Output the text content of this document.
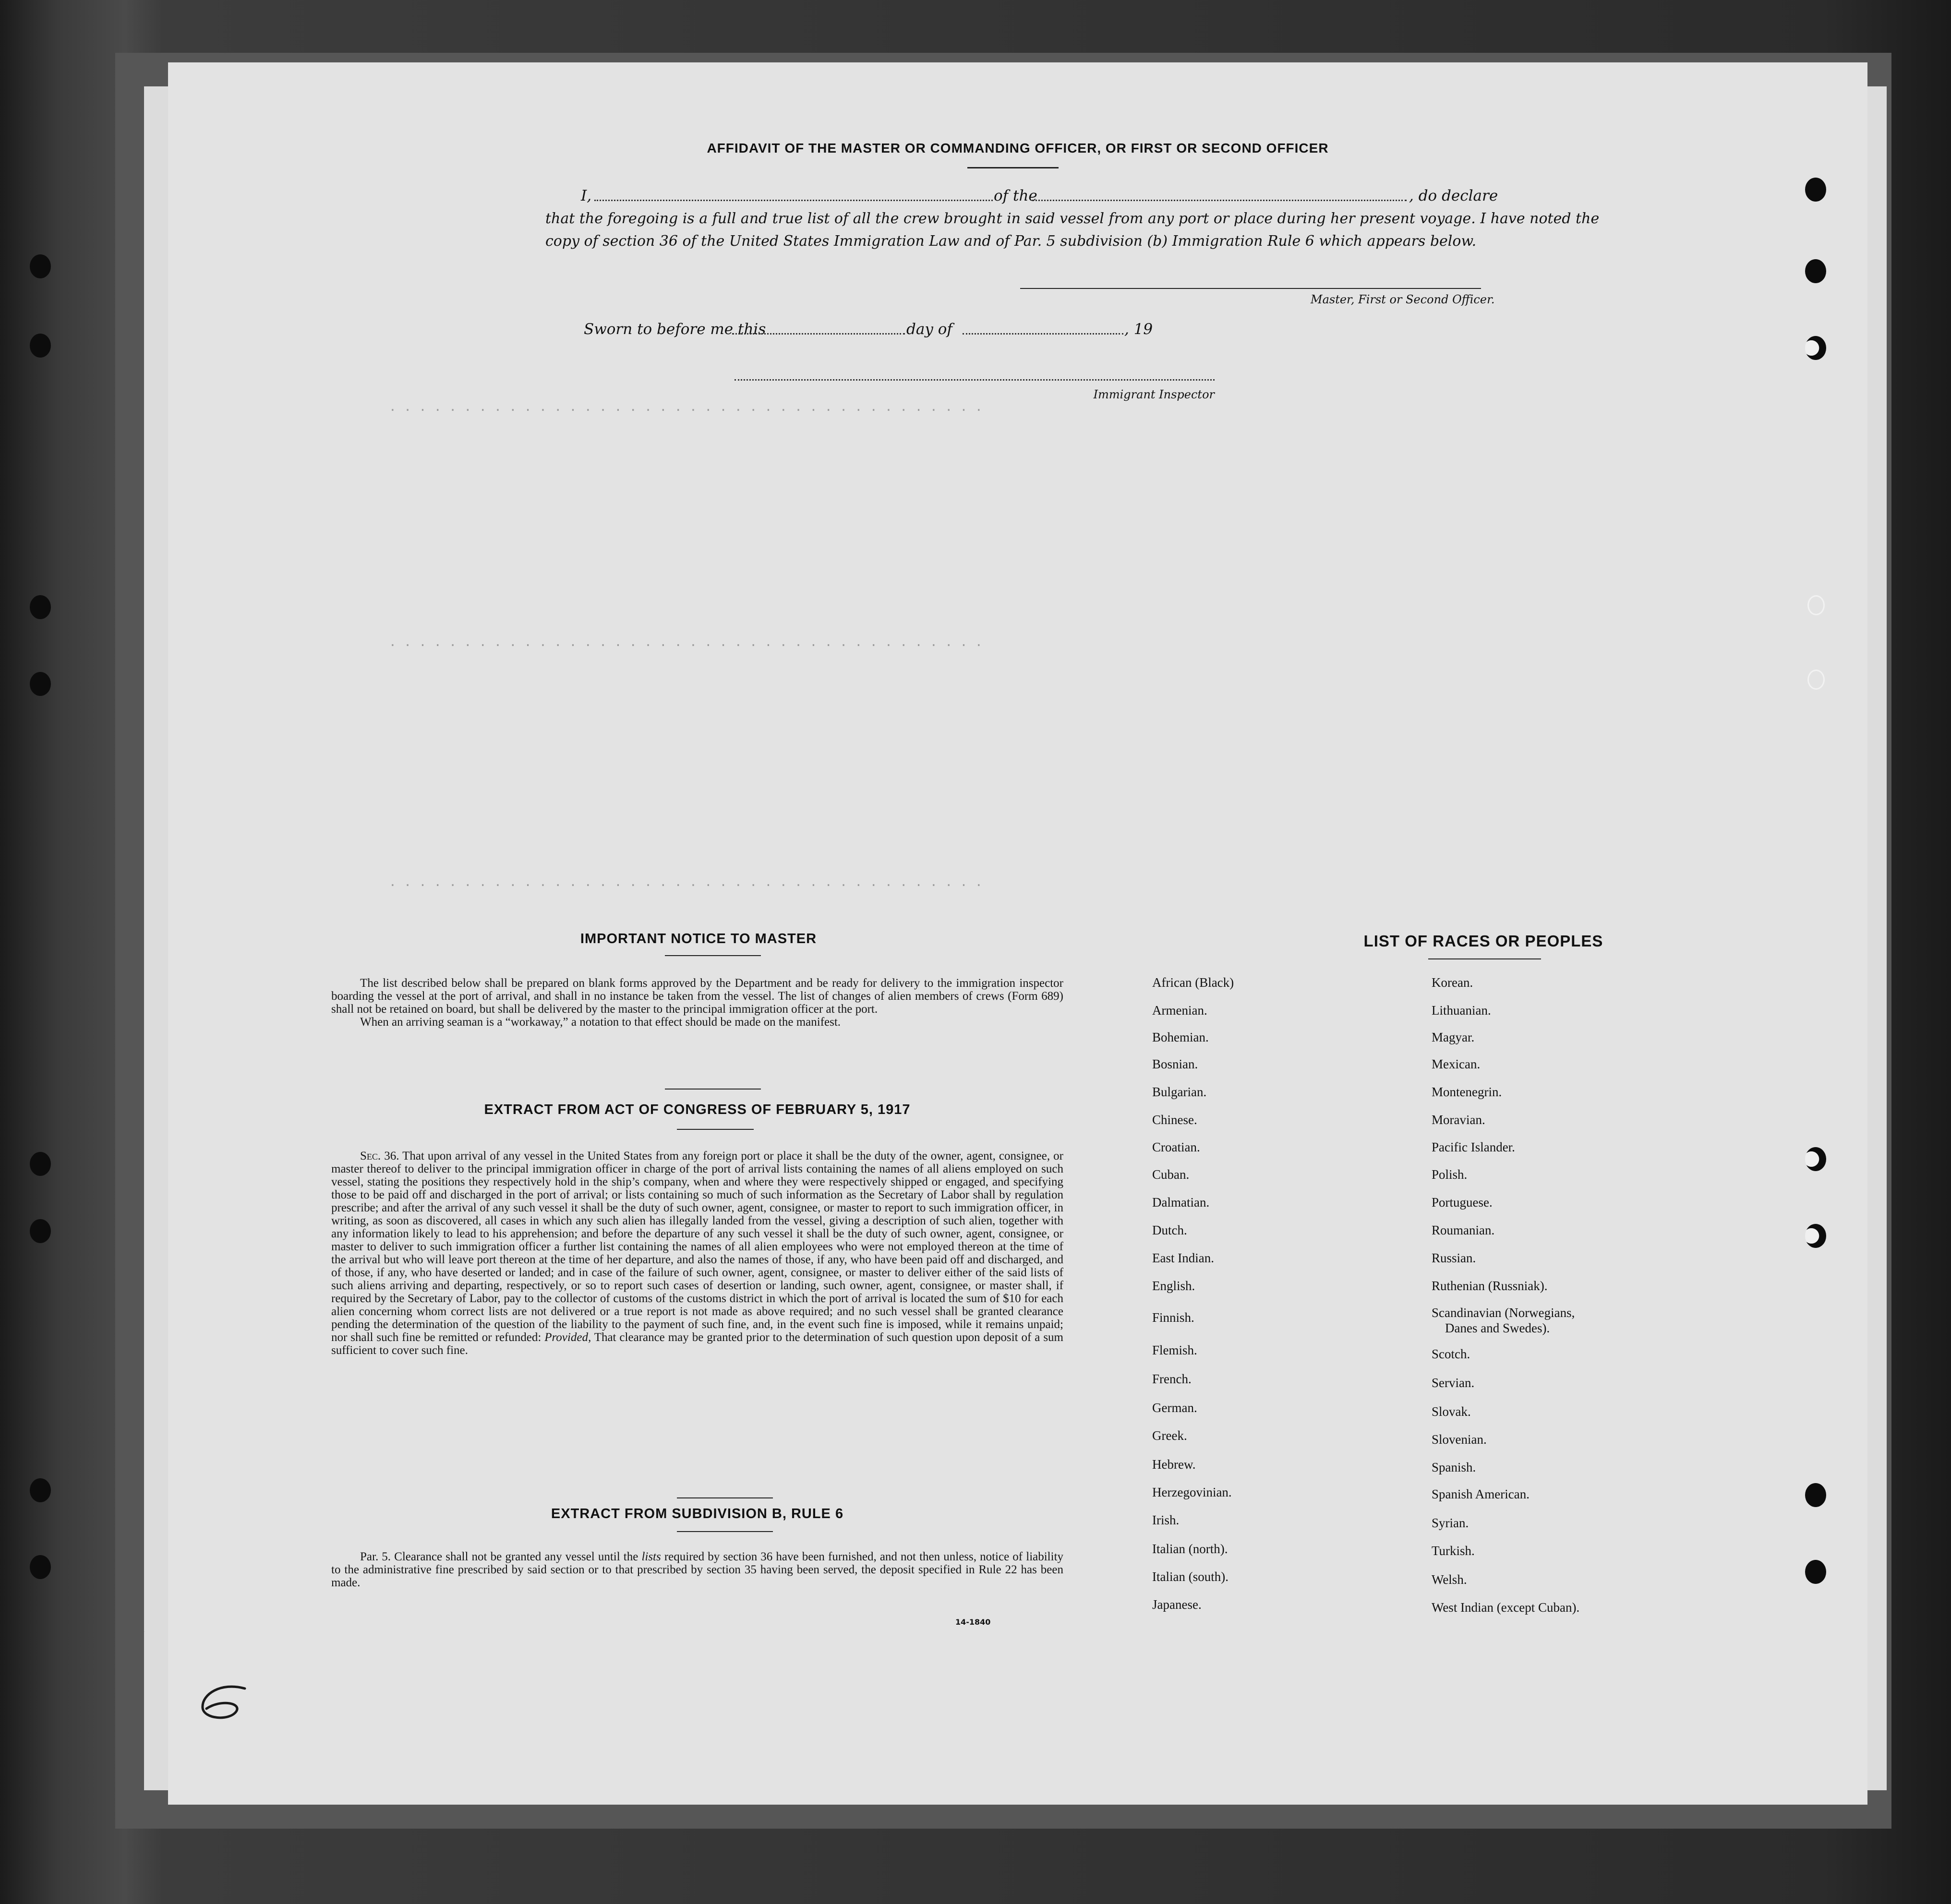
· · · · · · · · · · · · · · · · · · · · · · · · · · · · · · · · · · · · · · · ·
· · · · · · · · · · · · · · · · · · · · · · · · · · · · · · · · · · · · · · · ·
· · · · · · · · · · · · · · · · · · · · · · · · · · · · · · · · · · · · · · · ·
AFFIDAVIT OF THE MASTER OR COMMANDING OFFICER, OR FIRST OR SECOND OFFICER
I,	of the	, do declare
that the foregoing is a full and true list of all the crew brought in said vessel from any port or place during her present voyage. I have noted the
copy of section 36 of the United States Immigration Law and of Par. 5 subdivision (b) Immigration Rule 6 which appears below.
Master, First or Second Officer.
Sworn to before me this	day of	, 19
Immigrant Inspector
IMPORTANT NOTICE TO MASTER
The list described below shall be prepared on blank forms approved by the Department and be ready for delivery to the immigration inspector boarding the vessel at the port of arrival, and shall in no instance be taken from the vessel. The list of changes of alien members of crews (Form 689) shall not be retained on board, but shall be delivered by the master to the principal immigration officer at the port.
When an arriving seaman is a “workaway,” a notation to that effect should be made on the manifest.
EXTRACT FROM ACT OF CONGRESS OF FEBRUARY 5, 1917
Sec. 36. That upon arrival of any vessel in the United States from any foreign port or place it shall be the duty of the owner, agent, consignee, or master thereof to deliver to the principal immigration officer in charge of the port of arrival lists containing the names of all aliens employed on such vessel, stating the positions they respectively hold in the ship’s company, when and where they were respectively shipped or engaged, and specifying those to be paid off and discharged in the port of arrival; or lists containing so much of such information as the Secretary of Labor shall by regulation prescribe; and after the arrival of any such vessel it shall be the duty of such owner, agent, consignee, or master to report to such immigration officer, in writing, as soon as discovered, all cases in which any such alien has illegally landed from the vessel, giving a description of such alien, together with any information likely to lead to his apprehension; and before the departure of any such vessel it shall be the duty of such owner, agent, consignee, or master to deliver to such immigration officer a further list containing the names of all alien employees who were not employed thereon at the time of the arrival but who will leave port thereon at the time of her departure, and also the names of those, if any, who have been paid off and discharged, and of those, if any, who have deserted or landed; and in case of the failure of such owner, agent, consignee, or master to deliver either of the said lists of such aliens arriving and departing, respectively, or so to report such cases of desertion or landing, such owner, agent, consignee, or master shall, if required by the Secretary of Labor, pay to the collector of customs of the customs district in which the port of arrival is located the sum of $10 for each alien concerning whom correct lists are not delivered or a true report is not made as above required; and no such vessel shall be granted clearance pending the determination of the question of the liability to the payment of such fine, and, in the event such fine is imposed, while it remains unpaid; nor shall such fine be remitted or refunded: Provided, That clearance may be granted prior to the determination of such question upon deposit of a sum sufficient to cover such fine.
EXTRACT FROM SUBDIVISION B, RULE 6
Par. 5. Clearance shall not be granted any vessel until the lists required by section 36 have been furnished, and not then unless, notice of liability to the administrative fine prescribed by said section or to that prescribed by section 35 having been served, the deposit specified in Rule 22 has been made.
14-1840
LIST OF RACES OR PEOPLES
African (Black)
Armenian.
Bohemian.
Bosnian.
Bulgarian.
Chinese.
Croatian.
Cuban.
Dalmatian.
Dutch.
East Indian.
English.
Finnish.
Flemish.
French.
German.
Greek.
Hebrew.
Herzegovinian.
Irish.
Italian (north).
Italian (south).
Japanese.
Korean.
Lithuanian.
Magyar.
Mexican.
Montenegrin.
Moravian.
Pacific Islander.
Polish.
Portuguese.
Roumanian.
Russian.
Ruthenian (Russniak).
Scandinavian (Norwegians,
Danes and Swedes).
Scotch.
Servian.
Slovak.
Slovenian.
Spanish.
Spanish American.
Syrian.
Turkish.
Welsh.
West Indian (except Cuban).
6
